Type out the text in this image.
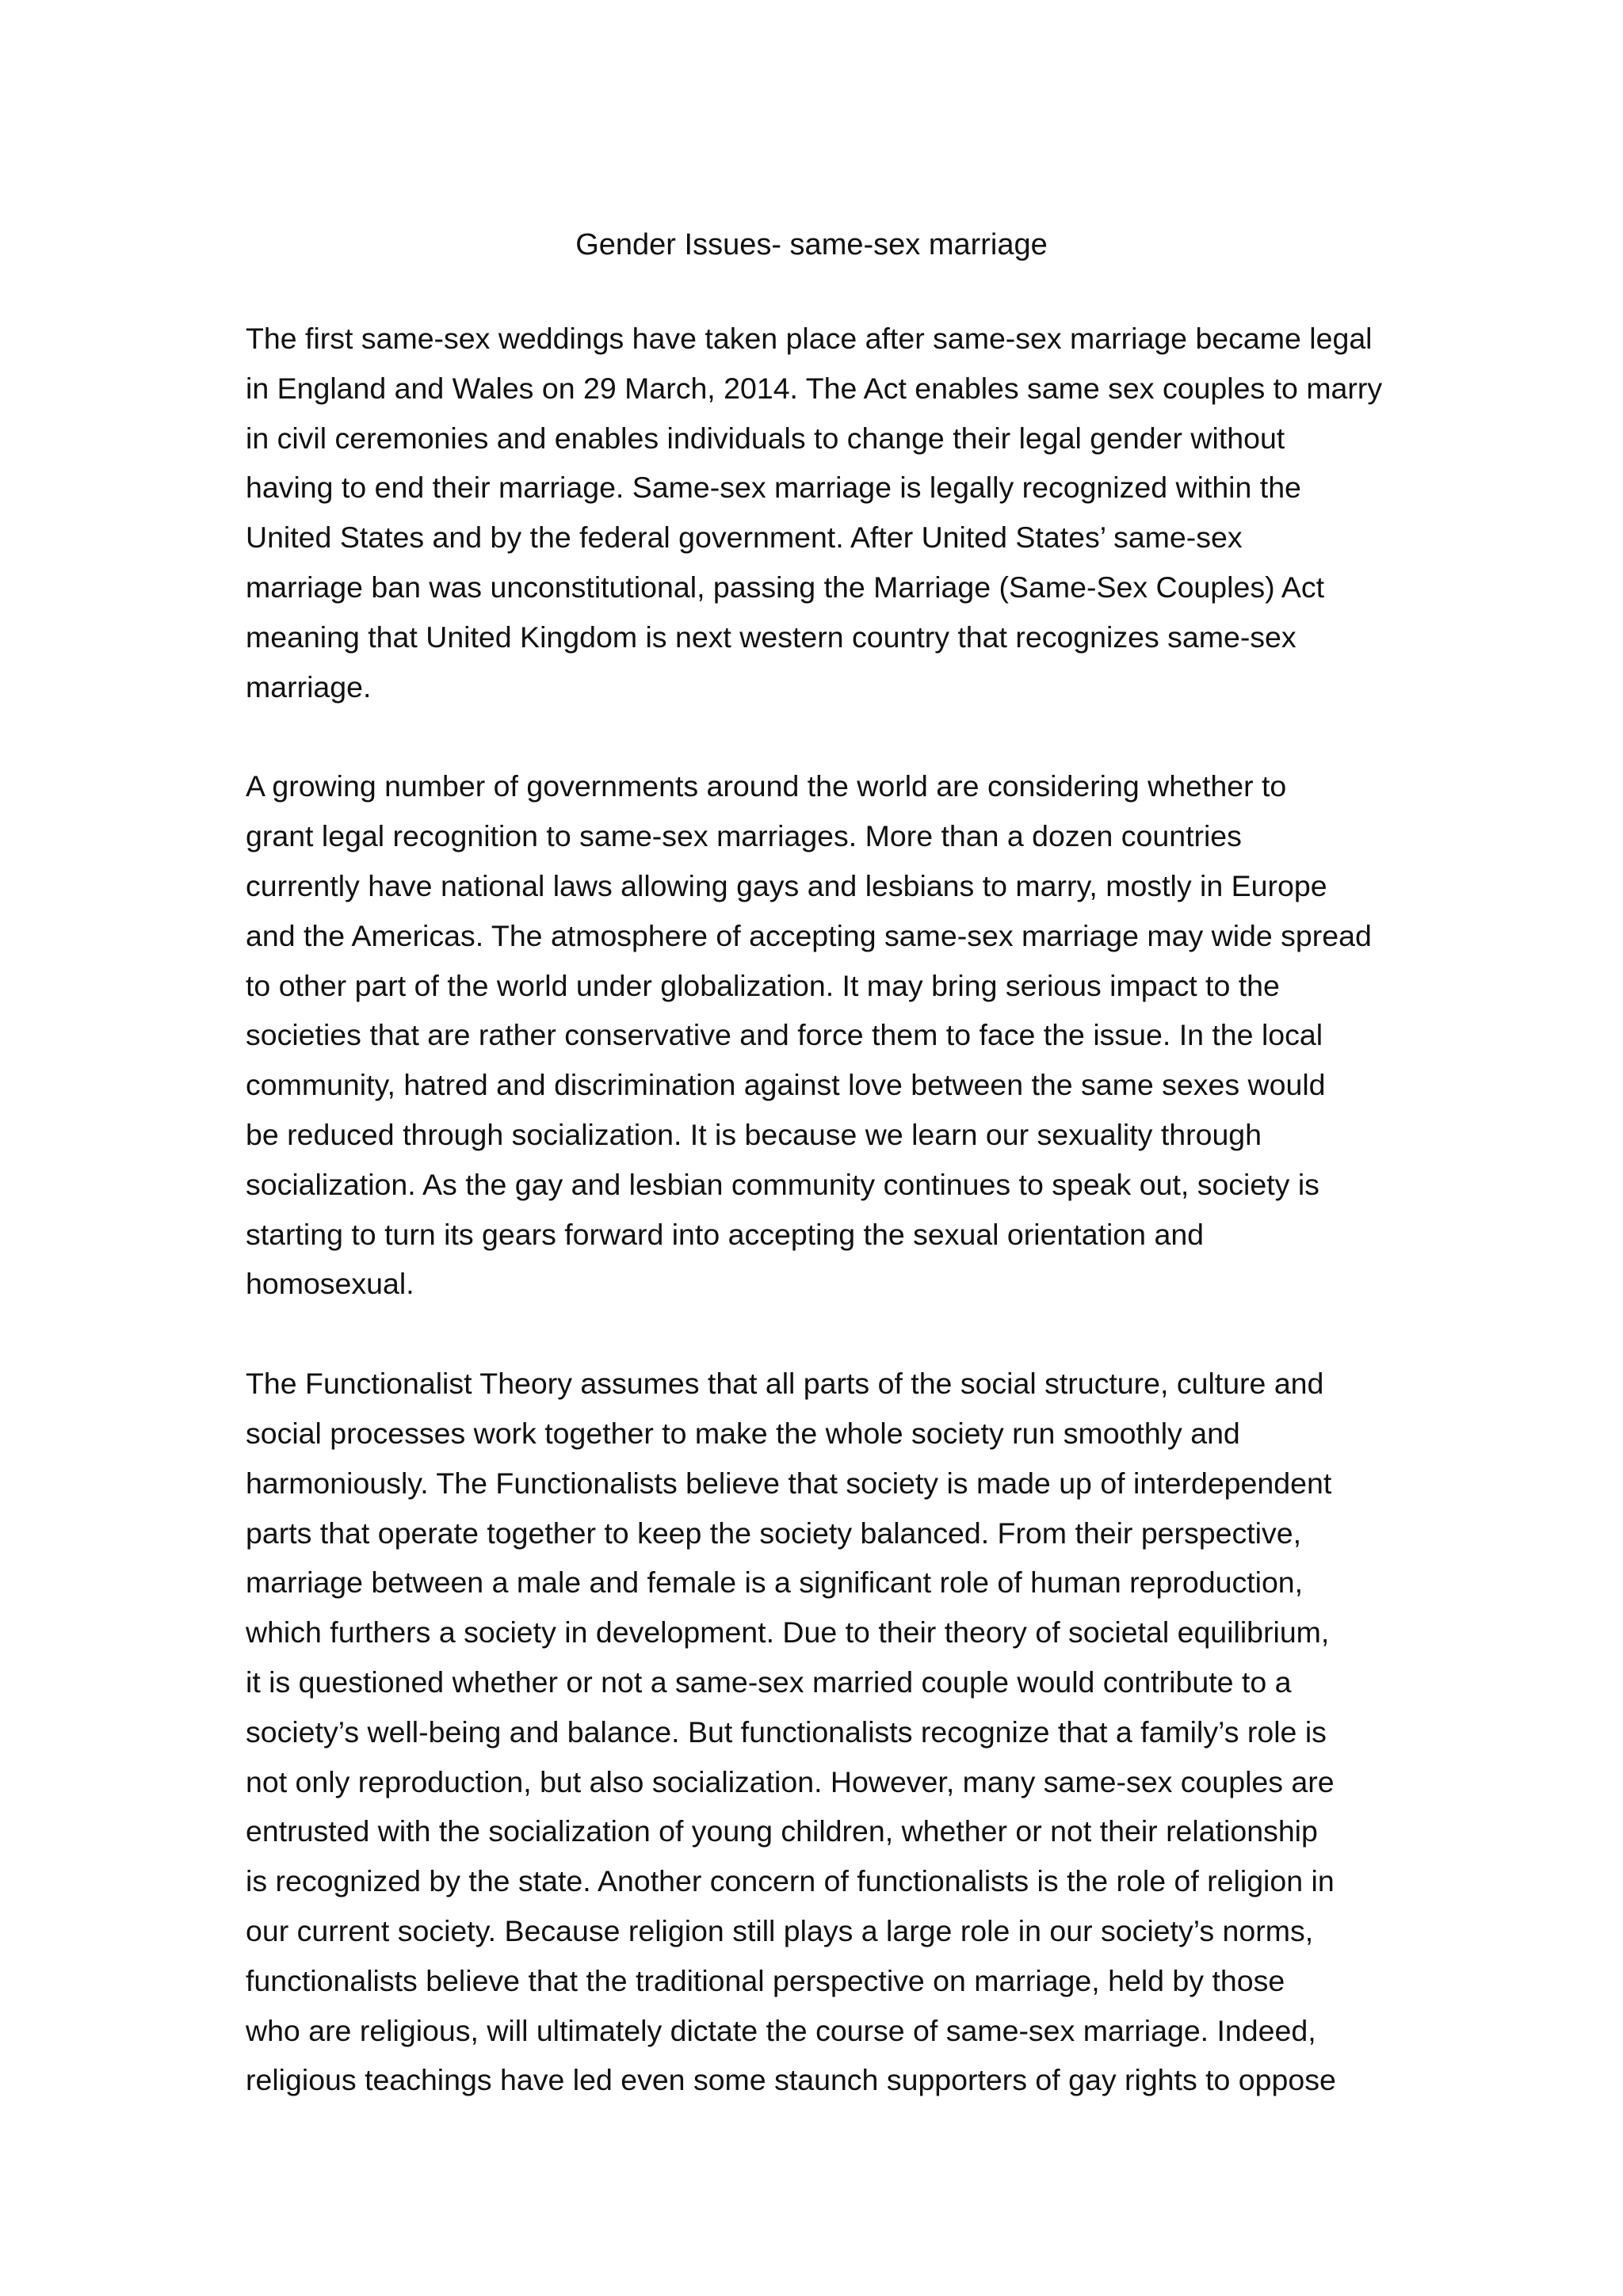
Gender Issues- same-sex marriage

The first same-sex weddings have taken place after same-sex marriage became legal
in England and Wales on 29 March, 2014. The Act enables same sex couples to marry
in civil ceremonies and enables individuals to change their legal gender without
having to end their marriage. Same-sex marriage is legally recognized within the
United States and by the federal government. After United States’ same-sex
marriage ban was unconstitutional, passing the Marriage (Same-Sex Couples) Act
meaning that United Kingdom is next western country that recognizes same-sex
marriage.

A growing number of governments around the world are considering whether to
grant legal recognition to same-sex marriages. More than a dozen countries
currently have national laws allowing gays and lesbians to marry, mostly in Europe
and the Americas. The atmosphere of accepting same-sex marriage may wide spread
to other part of the world under globalization. It may bring serious impact to the
societies that are rather conservative and force them to face the issue. In the local
community, hatred and discrimination against love between the same sexes would
be reduced through socialization. It is because we learn our sexuality through
socialization. As the gay and lesbian community continues to speak out, society is
starting to turn its gears forward into accepting the sexual orientation and
homosexual.

The Functionalist Theory assumes that all parts of the social structure, culture and
social processes work together to make the whole society run smoothly and
harmoniously. The Functionalists believe that society is made up of interdependent
parts that operate together to keep the society balanced. From their perspective,
marriage between a male and female is a significant role of human reproduction,
which furthers a society in development. Due to their theory of societal equilibrium,
it is questioned whether or not a same-sex married couple would contribute to a
society’s well-being and balance. But functionalists recognize that a family’s role is
not only reproduction, but also socialization. However, many same-sex couples are
entrusted with the socialization of young children, whether or not their relationship
is recognized by the state. Another concern of functionalists is the role of religion in
our current society. Because religion still plays a large role in our society’s norms,
functionalists believe that the traditional perspective on marriage, held by those
who are religious, will ultimately dictate the course of same-sex marriage. Indeed,
religious teachings have led even some staunch supporters of gay rights to oppose
